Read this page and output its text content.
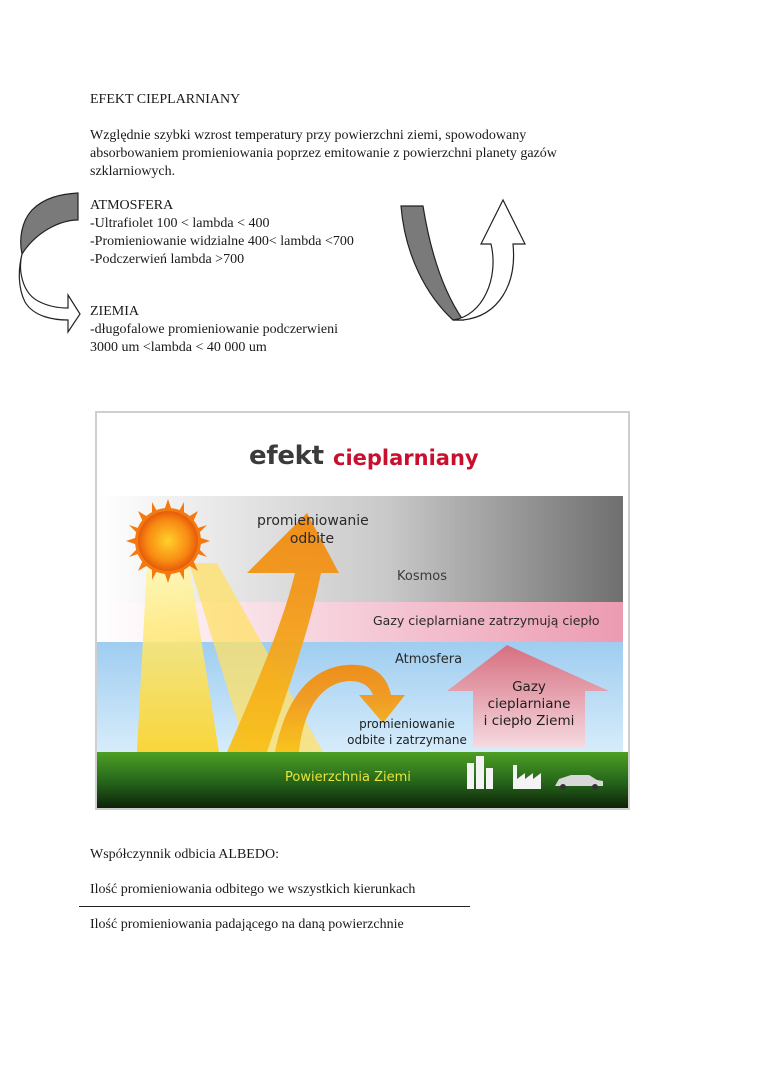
EFEKT CIEPLARNIANY
Względnie szybki wzrost temperatury przy powierzchni ziemi, spowodowany
absorbowaniem promieniowania poprzez emitowanie z powierzchni planety gazów
szklarniowych.
ATMOSFERA
-Ultrafiolet 100 < lambda < 400
-Promieniowanie widzialne 400< lambda <700
-Podczerwień lambda >700
ZIEMIA
-długofalowe promieniowanie podczerwieni
3000 um <lambda < 40 000 um
efekt cieplarniany
promieniowanie
odbite
Kosmos
Gazy cieplarniane zatrzymują ciepło
Atmosfera
promieniowanie
odbite i zatrzymane
Gazy
cieplarniane
i ciepło Ziemi
Powierzchnia Ziemi
Współczynnik odbicia ALBEDO:
Ilość promieniowania odbitego we wszystkich kierunkach
Ilość promieniowania padającego na daną powierzchnie
